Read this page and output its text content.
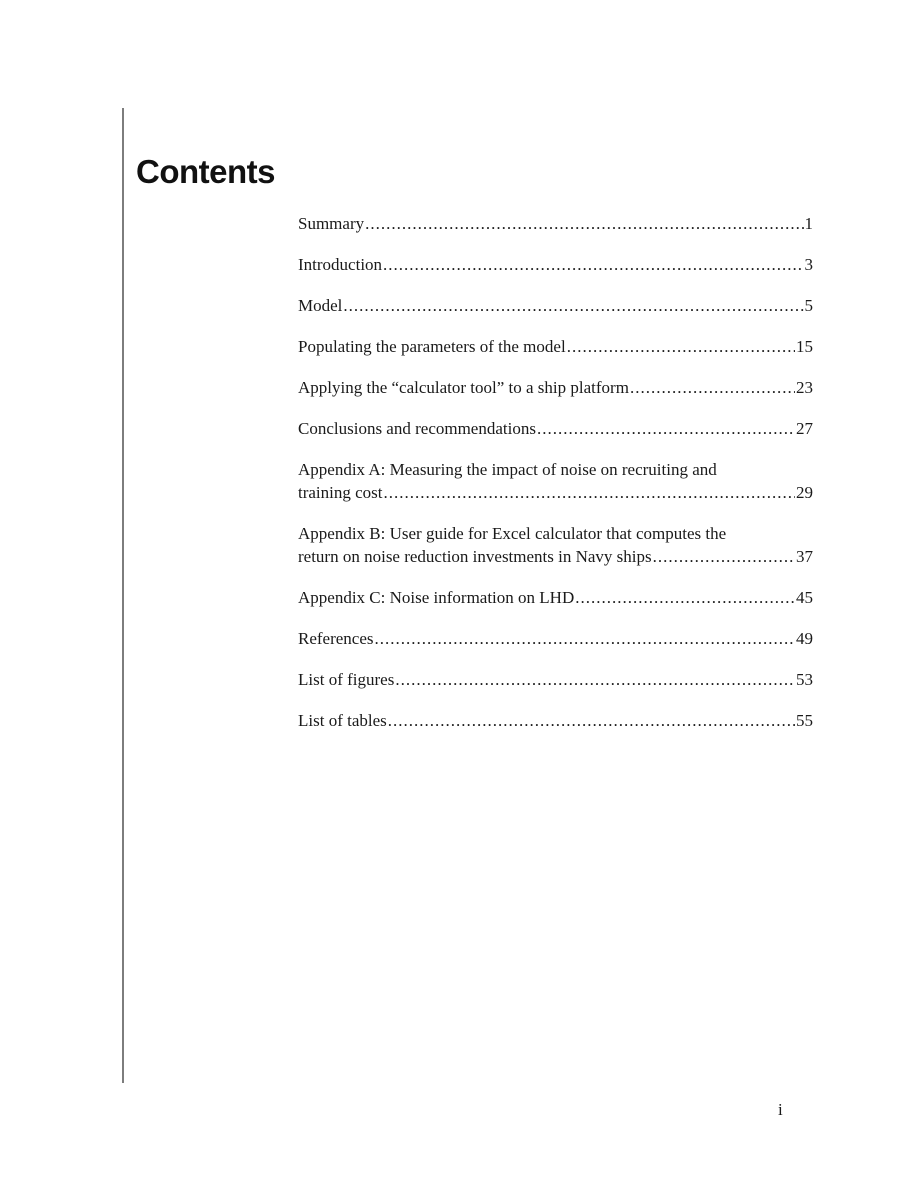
Contents
Summary .....	1
Introduction .....	3
Model .....	5
Populating the parameters of the model .....	15
Applying the “calculator tool” to a ship platform .....	23
Conclusions and recommendations .....	27
Appendix A: Measuring the impact of noise on recruiting and
training cost .....	29
Appendix B: User guide for Excel calculator that computes the
return on noise reduction investments in Navy ships .....	37
Appendix C: Noise information on LHD .....	45
References .....	49
List of figures .....	53
List of tables .....	55
i
